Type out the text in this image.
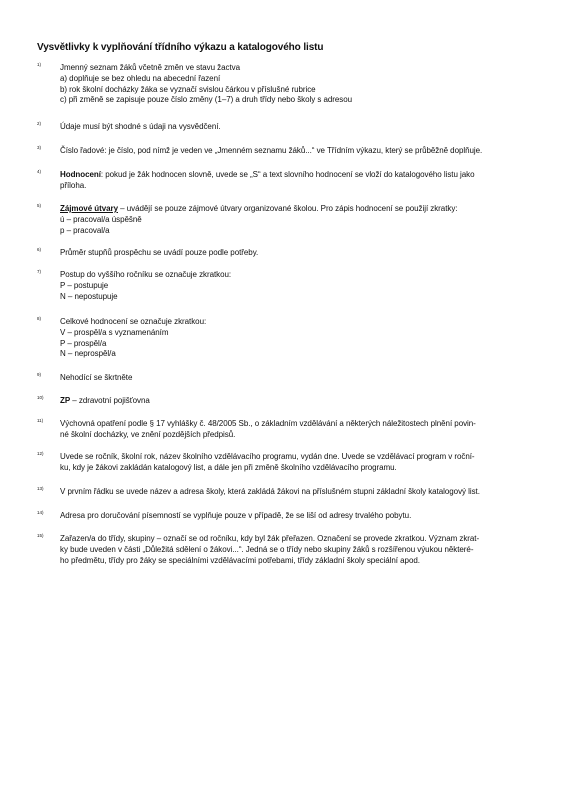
Vysvětlivky k vyplňování třídního výkazu a katalogového listu
1) Jmenný seznam žáků včetně změn ve stavu žactva
a) doplňuje se bez ohledu na abecední řazení
b) rok školní docházky žáka se vyznačí svislou čárkou v příslušné rubrice
c) při změně se zapisuje pouze číslo změny (1–7) a druh třídy nebo školy s adresou
2) Údaje musí být shodné s údaji na vysvědčení.
3) Číslo řadové: je číslo, pod nímž je veden ve „Jmenném seznamu žáků...“ ve Třídním výkazu, který se průběžně doplňuje.
4) Hodnocení: pokud je žák hodnocen slovně, uvede se „S“ a text slovního hodnocení se vloží do katalogového listu jako
příloha.
5) Zájmové útvary – uvádějí se pouze zájmové útvary organizované školou. Pro zápis hodnocení se použijí zkratky:
ú – pracoval/a úspěšně
p – pracoval/a
6) Průměr stupňů prospěchu se uvádí pouze podle potřeby.
7) Postup do vyššího ročníku se označuje zkratkou:
P – postupuje
N – nepostupuje
8) Celkové hodnocení se označuje zkratkou:
V – prospěl/a s vyznamenáním
P – prospěl/a
N – neprospěl/a
9) Nehodící se škrtněte
10) ZP – zdravotní pojišťovna
11) Výchovná opatření podle § 17 vyhlášky č. 48/2005 Sb., o základním vzdělávání a některých náležitostech plnění povin-
né školní docházky, ve znění pozdějších předpisů.
12) Uvede se ročník, školní rok, název školního vzdělávacího programu, vydán dne. Uvede se vzdělávací program v roční-
ku, kdy je žákovi zakládán katalogový list, a dále jen při změně školního vzdělávacího programu.
13) V prvním řádku se uvede název a adresa školy, která zakládá žákovi na příslušném stupni základní školy katalogový list.
14) Adresa pro doručování písemností se vyplňuje pouze v případě, že se liší od adresy trvalého pobytu.
15) Zařazen/a do třídy, skupiny – označí se od ročníku, kdy byl žák přeřazen. Označení se provede zkratkou. Význam zkrat-
ky bude uveden v části „Důležitá sdělení o žákovi...“. Jedná se o třídy nebo skupiny žáků s rozšířenou výukou některé-
ho předmětu, třídy pro žáky se speciálními vzdělávacími potřebami, třídy základní školy speciální apod.
